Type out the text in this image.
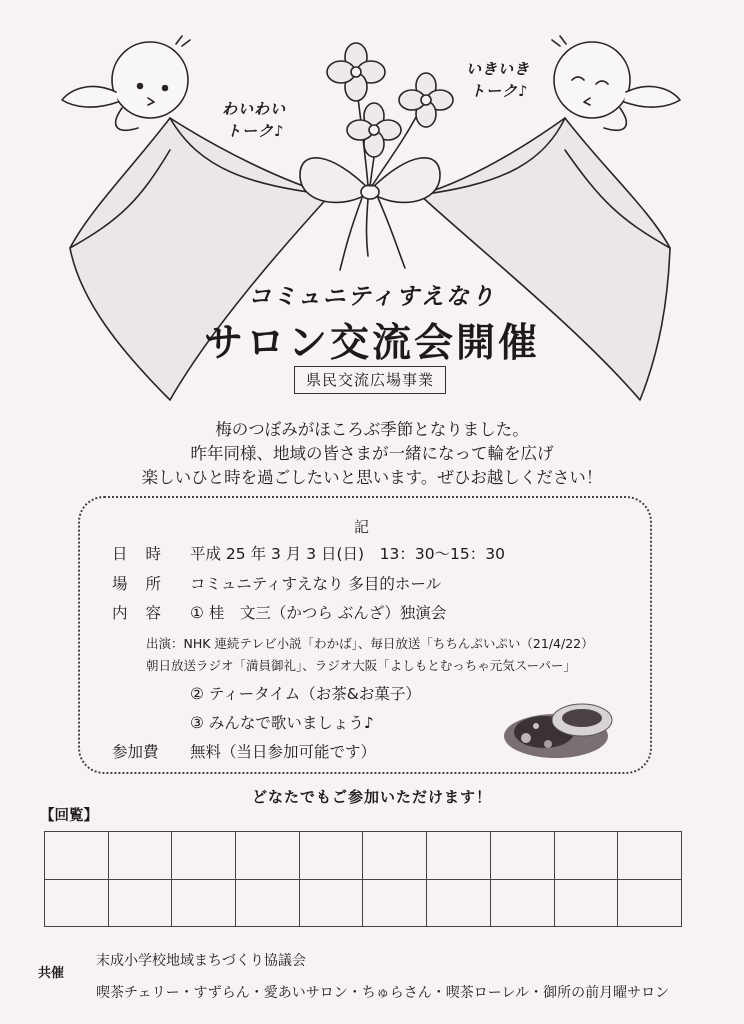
わいわい
トーク♪
いきいき
トーク♪
コミュニティすえなり
サロン交流会開催
県民交流広場事業
梅のつぼみがほころぶ季節となりました。
昨年同様、地域の皆さまが一緒になって輪を広げ
楽しいひと時を過ごしたいと思います。ぜひお越しください！
記
日時 平成 25 年 3 月 3 日(日)　13：30〜15：30
場所 コミュニティすえなり 多目的ホール
内容 ① 桂　文三（かつら ぶんざ）独演会
出演：NHK 連続テレビ小説「わかば」、毎日放送「ちちんぷいぷい（21/4/22）
朝日放送ラジオ「満員御礼」、ラジオ大阪「よしもとむっちゃ元気スーパー」
② ティータイム（お茶&お菓子）
③ みんなで歌いましょう♪
参加費 無料（当日参加可能です）
どなたでもご参加いただけます！
【回覧】

共催
末成小学校地域まちづくり協議会
喫茶チェリー・すずらん・愛あいサロン・ちゅらさん・喫茶ローレル・御所の前月曜サロン
